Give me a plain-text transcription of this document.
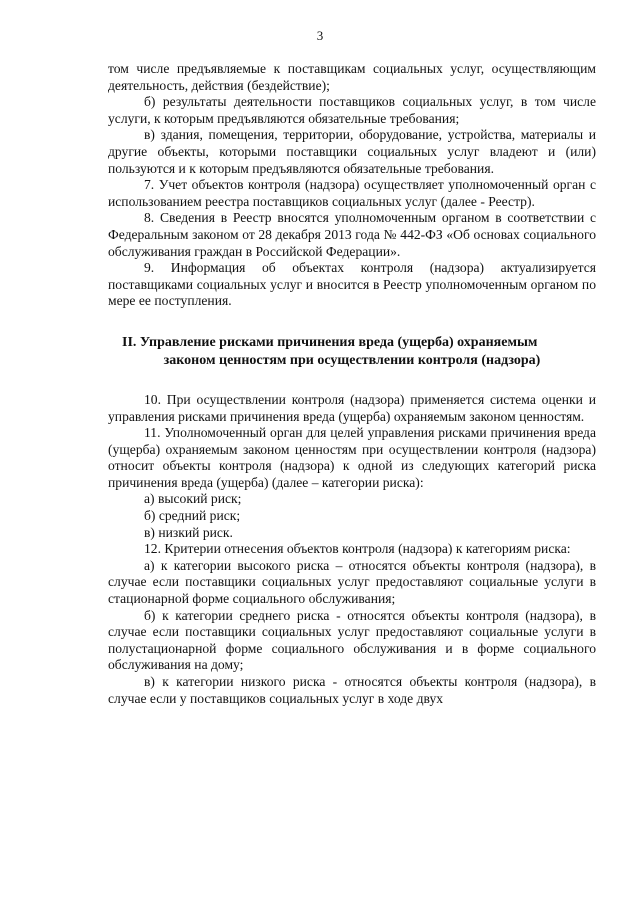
3

том числе предъявляемые к поставщикам социальных услуг, осуществляющим деятельность, действия (бездействие);

б) результаты деятельности поставщиков социальных услуг, в том числе услуги, к которым предъявляются обязательные требования;

в) здания, помещения, территории, оборудование, устройства, материалы и другие объекты, которыми поставщики социальных услуг владеют и (или) пользуются и к которым предъявляются обязательные требования.

7. Учет объектов контроля (надзора) осуществляет уполномоченный орган с использованием реестра поставщиков социальных услуг (далее - Реестр).

8. Сведения в Реестр вносятся уполномоченным органом в соответствии с Федеральным законом от 28 декабря 2013 года № 442-ФЗ «Об основах социального обслуживания граждан в Российской Федерации».

9. Информация об объектах контроля (надзора) актуализируется поставщиками социальных услуг и вносится в Реестр уполномоченным органом по мере ее поступления.

II. Управление рисками причинения вреда (ущерба) охраняемым
законом ценностям при осуществлении контроля (надзора)

10. При осуществлении контроля (надзора) применяется система оценки и управления рисками причинения вреда (ущерба) охраняемым законом ценностям.

11. Уполномоченный орган для целей управления рисками причинения вреда (ущерба) охраняемым законом ценностям при осуществлении контроля (надзора) относит объекты контроля (надзора) к одной из следующих категорий риска причинения вреда (ущерба) (далее – категории риска):

а) высокий риск;

б) средний риск;

в) низкий риск.

12. Критерии отнесения объектов контроля (надзора) к категориям риска:

а) к категории высокого риска – относятся объекты контроля (надзора), в случае если поставщики социальных услуг предоставляют социальные услуги в стационарной форме социального обслуживания;

б) к категории среднего риска - относятся объекты контроля (надзора), в случае если поставщики социальных услуг предоставляют социальные услуги в полустационарной форме социального обслуживания и в форме социального обслуживания на дому;

в) к категории низкого риска - относятся объекты контроля (надзора), в случае если у поставщиков социальных услуг в ходе двух
